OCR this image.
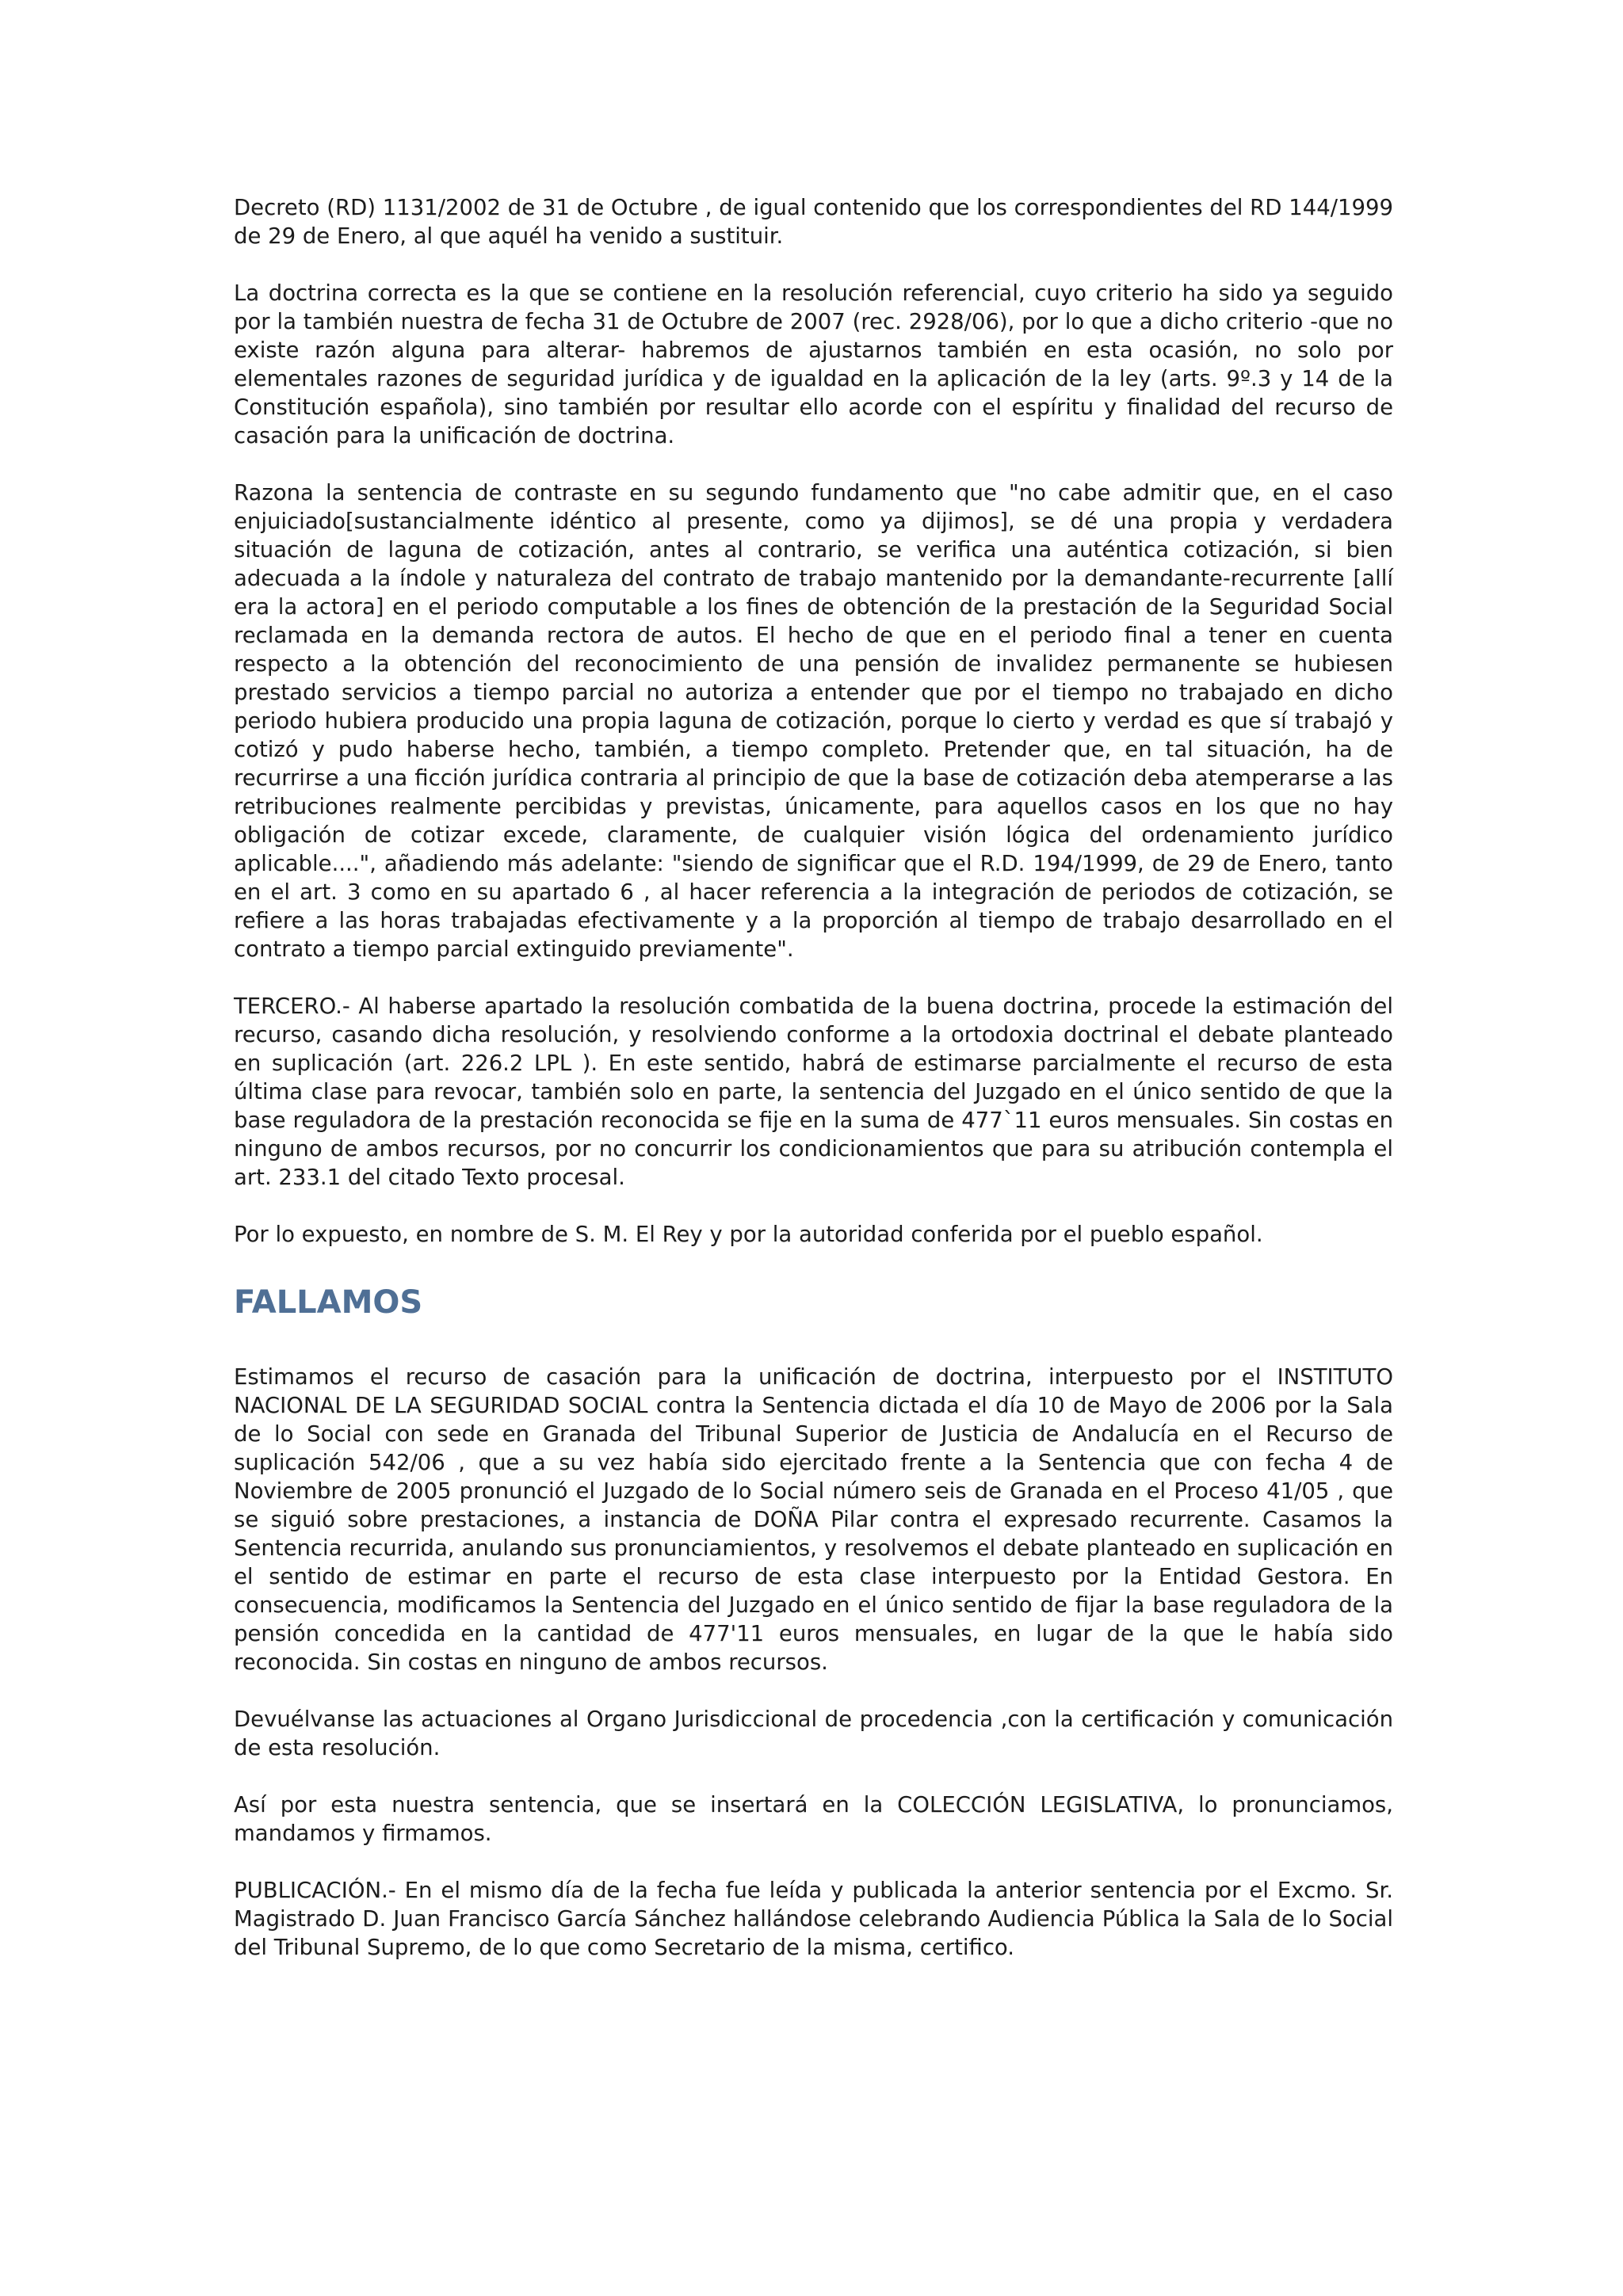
Decreto (RD) 1131/2002 de 31 de Octubre , de igual contenido que los correspondientes del RD 144/1999 de 29 de Enero, al que aquél ha venido a sustituir.

La doctrina correcta es la que se contiene en la resolución referencial, cuyo criterio ha sido ya seguido por la también nuestra de fecha 31 de Octubre de 2007 (rec. 2928/06), por lo que a dicho criterio -que no existe razón alguna para alterar- habremos de ajustarnos también en esta ocasión, no solo por elementales razones de seguridad jurídica y de igualdad en la aplicación de la ley (arts. 9º.3 y 14 de la Constitución española), sino también por resultar ello acorde con el espíritu y finalidad del recurso de casación para la unificación de doctrina.

Razona la sentencia de contraste en su segundo fundamento que "no cabe admitir que, en el caso enjuiciado[sustancialmente idéntico al presente, como ya dijimos], se dé una propia y verdadera situación de laguna de cotización, antes al contrario, se verifica una auténtica cotización, si bien adecuada a la índole y naturaleza del contrato de trabajo mantenido por la demandante-recurrente [allí era la actora] en el periodo computable a los fines de obtención de la prestación de la Seguridad Social reclamada en la demanda rectora de autos. El hecho de que en el periodo final a tener en cuenta respecto a la obtención del reconocimiento de una pensión de invalidez permanente se hubiesen prestado servicios a tiempo parcial no autoriza a entender que por el tiempo no trabajado en dicho periodo hubiera producido una propia laguna de cotización, porque lo cierto y verdad es que sí trabajó y cotizó y pudo haberse hecho, también, a tiempo completo. Pretender que, en tal situación, ha de recurrirse a una ficción jurídica contraria al principio de que la base de cotización deba atemperarse a las retribuciones realmente percibidas y previstas, únicamente, para aquellos casos en los que no hay obligación de cotizar excede, claramente, de cualquier visión lógica del ordenamiento jurídico aplicable....", añadiendo más adelante: "siendo de significar que el R.D. 194/1999, de 29 de Enero, tanto en el art. 3 como en su apartado 6 , al hacer referencia a la integración de periodos de cotización, se refiere a las horas trabajadas efectivamente y a la proporción al tiempo de trabajo desarrollado en el contrato a tiempo parcial extinguido previamente".

TERCERO.- Al haberse apartado la resolución combatida de la buena doctrina, procede la estimación del recurso, casando dicha resolución, y resolviendo conforme a la ortodoxia doctrinal el debate planteado en suplicación (art. 226.2 LPL ). En este sentido, habrá de estimarse parcialmente el recurso de esta última clase para revocar, también solo en parte, la sentencia del Juzgado en el único sentido de que la base reguladora de la prestación reconocida se fije en la suma de 477`11 euros mensuales. Sin costas en ninguno de ambos recursos, por no concurrir los condicionamientos que para su atribución contempla el art. 233.1 del citado Texto procesal.

Por lo expuesto, en nombre de S. M. El Rey y por la autoridad conferida por el pueblo español.

FALLAMOS

Estimamos el recurso de casación para la unificación de doctrina, interpuesto por el INSTITUTO NACIONAL DE LA SEGURIDAD SOCIAL contra la Sentencia dictada el día 10 de Mayo de 2006 por la Sala de lo Social con sede en Granada del Tribunal Superior de Justicia de Andalucía en el Recurso de suplicación 542/06 , que a su vez había sido ejercitado frente a la Sentencia que con fecha 4 de Noviembre de 2005 pronunció el Juzgado de lo Social número seis de Granada en el Proceso 41/05 , que se siguió sobre prestaciones, a instancia de DOÑA Pilar contra el expresado recurrente. Casamos la Sentencia recurrida, anulando sus pronunciamientos, y resolvemos el debate planteado en suplicación en el sentido de estimar en parte el recurso de esta clase interpuesto por la Entidad Gestora. En consecuencia, modificamos la Sentencia del Juzgado en el único sentido de fijar la base reguladora de la pensión concedida en la cantidad de 477'11 euros mensuales, en lugar de la que le había sido reconocida. Sin costas en ninguno de ambos recursos.

Devuélvanse las actuaciones al Organo Jurisdiccional de procedencia ,con la certificación y comunicación de esta resolución.

Así por esta nuestra sentencia, que se insertará en la COLECCIÓN LEGISLATIVA, lo pronunciamos, mandamos y firmamos.

PUBLICACIÓN.- En el mismo día de la fecha fue leída y publicada la anterior sentencia por el Excmo. Sr. Magistrado D. Juan Francisco García Sánchez hallándose celebrando Audiencia Pública la Sala de lo Social del Tribunal Supremo, de lo que como Secretario de la misma, certifico.
